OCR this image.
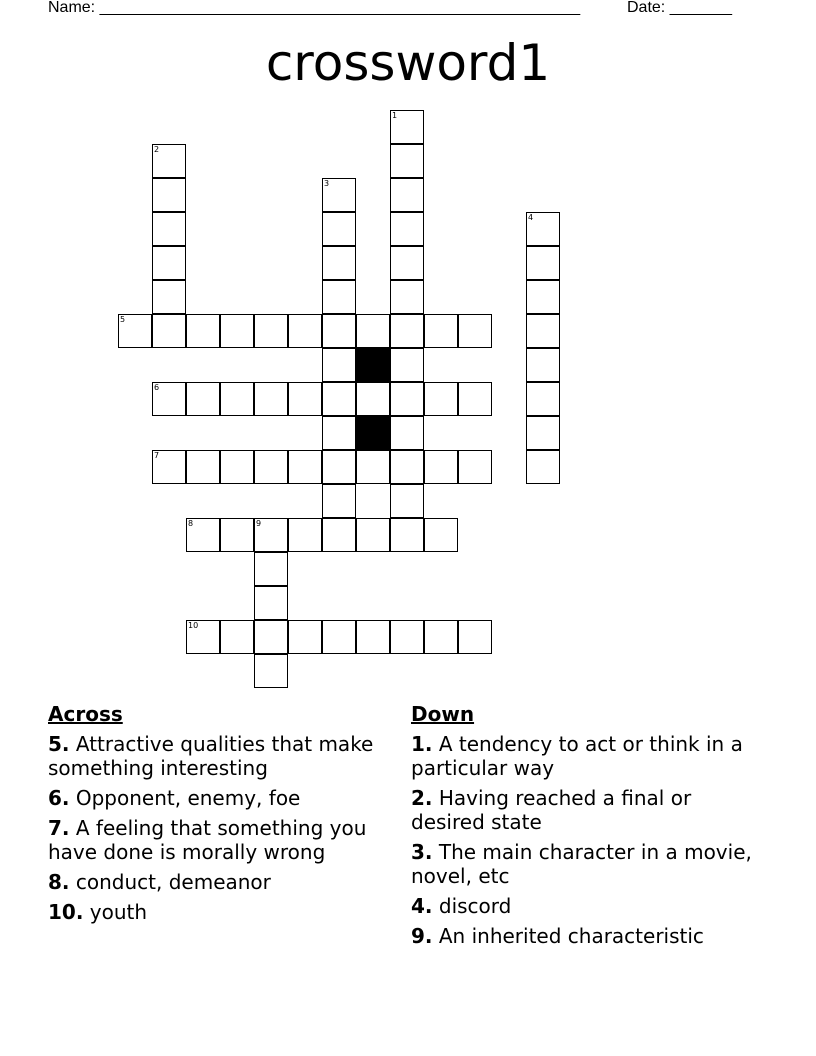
Name: ______________________________________________________	Date: _______
crossword1
1
2
3
4
5
6
7
8	9
10
Across
5. Attractive qualities that make something interesting
6. Opponent, enemy, foe
7. A feeling that something you have done is morally wrong
8. conduct, demeanor
10. youth
Down
1. A tendency to act or think in a particular way
2. Having reached a final or desired state
3. The main character in a movie, novel, etc
4. discord
9. An inherited characteristic
